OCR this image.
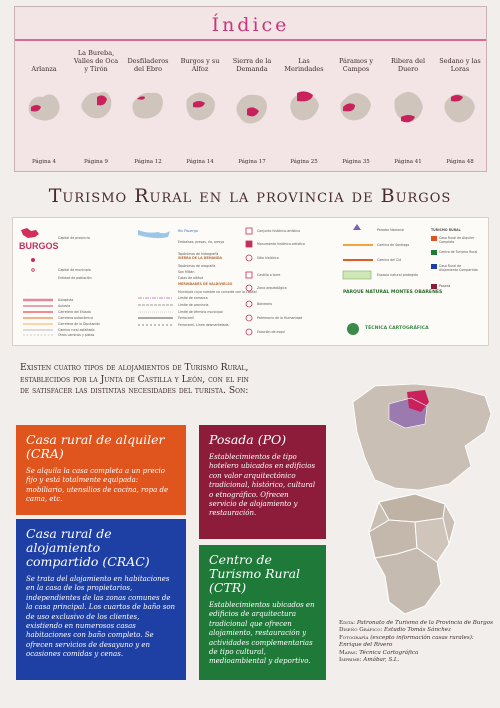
Índice
Arlanza
Página 4
La Bureba, Valles de Oca y Tirón
Página 9
Desfiladeros del Ebro
Página 12
Burgos y su Alfoz
Página 14
Sierra de la Demanda
Página 17
Las Merindades
Página 25
Páramos y Campos
Página 35
Ribera del Duero
Página 41
Sedano y las Loras
Página 48
Turismo Rural en la provincia de Burgos
BURGOS
Capital de provincia
Capital de municipio
Entidad de población
Autopista
Autovía
Carretera del Estado
Carretera autonómica
Carretera de la Diputación
Camino rural asfaltado
Otros caminos y pistas
Río Pisuerga
Embalses, presas, río, arroyo
Topónimos de hidrografía
SIERRA DE LA DEMANDA
Topónimos de orografía
San Millán
Cotas de altitud
MERINDADES DE VALDIVIELSO
Municipio cuya nombre no coincide con la capital
Límite de comarca
Límite de provincia
Límite de término municipal
Ferrocarril
Ferrocarril. Línea desmantelada.
Conjunto histórico-artístico
Monumento histórico-artístico
Sitio histórico
Castillo o torre
Zona arqueológica
Balneario
Patrimonio de la Humanidad
Estación de esquí
Parador Nacional
Camino de Santiago
Camino del Cid
Espacio natural protegido
PARQUE NATURAL MONTES OBARENES
TURISMO RURAL
Casa Rural de Alquiler Completo
Centro de Turismo Rural
Casa Rural de Alojamiento Compartido
Posada
TÉCNICA CARTOGRÁFICA
Existen cuatro tipos de alojamientos de Turismo Rural,
establecidos por la Junta de Castilla y León, con el fin
de satisfacer las distintas necesidades del turista. Son:
Casa rural de alquiler (CRA)

Se alquila la casa completa a un precio fijo y está totalmente equipada: mobiliario, utensilios de cocina, ropa de cama, etc.

Posada (PO)

Establecimientos de tipo hotelero ubicados en edificios con valor arquitectónico tradicional, histórico, cultural o etnográfico. Ofrecen servicio de alojamiento y restauración.

Casa rural de alojamiento compartido (CRAC)

Se trata del alojamiento en habitaciones en la casa de los propietarios, independientes de las zonas comunes de la casa principal. Los cuartos de baño son de uso exclusivo de los clientes, existiendo en numerosos casas habitaciones con baño completo. Se ofrecen servicios de desayuno y en ocasiones comidas y cenas.

Centro de Turismo Rural (CTR)

Establecimientos ubicados en edificios de arquitectura tradicional que ofrecen alojamiento, restauración y actividades complementarias de tipo cultural, medioambiental y deportivo.

Edita: Patronato de Turismo de la Provincia de Burgos
Diseño Gráfico: Estudio Tomás Sánchez
Fotografía (excepto información casas rurales): Enrique del Rivero
Mapas: Técnica Cartográfica
Imprime: Amábar, S.L.
